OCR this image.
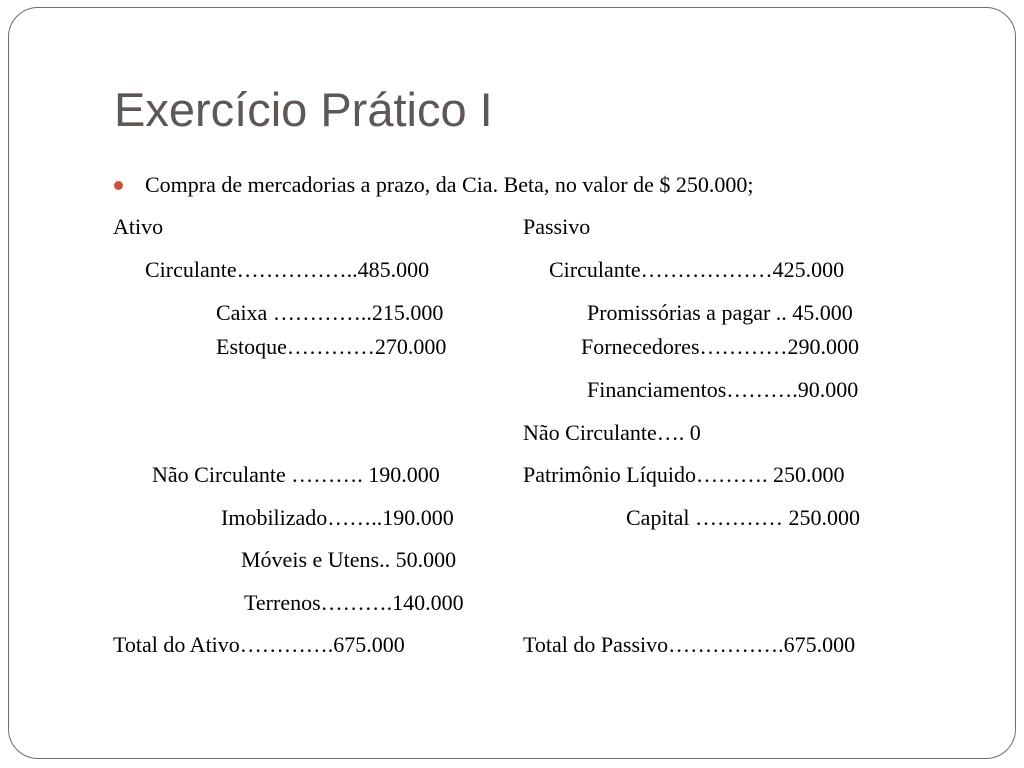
Exercício Prático I
Compra de mercadorias a prazo, da Cia. Beta, no valor de $ 250.000;
Ativo
Circulante……………..485.000
Caixa …………..215.000
Estoque…………270.000
Não Circulante ………. 190.000
Imobilizado……..190.000
Móveis e Utens.. 50.000
Terrenos……….140.000
Total do Ativo………….675.000
Passivo
Circulante………………425.000
Promissórias a pagar .. 45.000
Fornecedores…………290.000
Financiamentos……….90.000
Não Circulante…. 0
Patrimônio Líquido………. 250.000
Capital ………… 250.000
Total do Passivo…………….675.000
